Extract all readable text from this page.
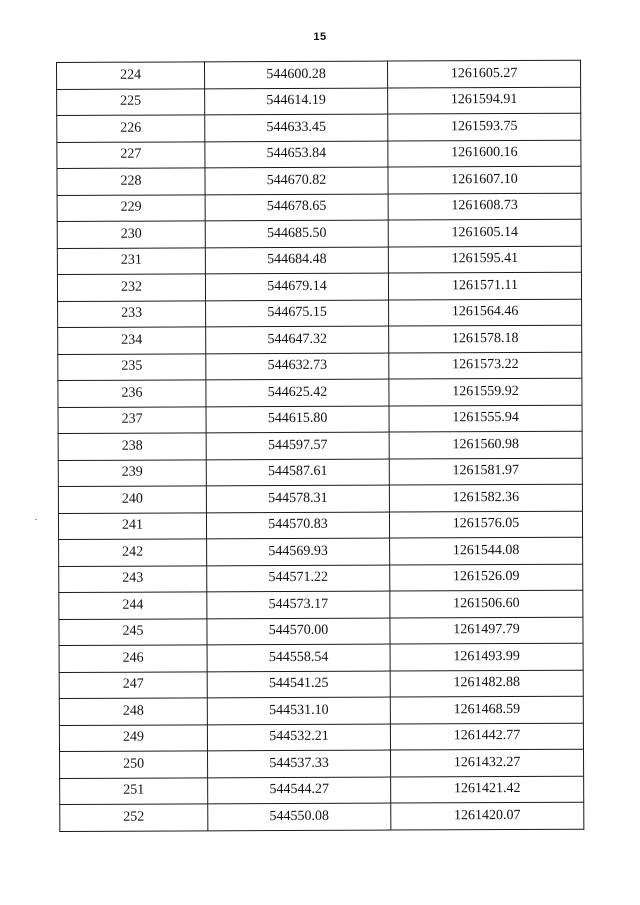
15
224	544600.28	1261605.27
225	544614.19	1261594.91
226	544633.45	1261593.75
227	544653.84	1261600.16
228	544670.82	1261607.10
229	544678.65	1261608.73
230	544685.50	1261605.14
231	544684.48	1261595.41
232	544679.14	1261571.11
233	544675.15	1261564.46
234	544647.32	1261578.18
235	544632.73	1261573.22
236	544625.42	1261559.92
237	544615.80	1261555.94
238	544597.57	1261560.98
239	544587.61	1261581.97
240	544578.31	1261582.36
241	544570.83	1261576.05
242	544569.93	1261544.08
243	544571.22	1261526.09
244	544573.17	1261506.60
245	544570.00	1261497.79
246	544558.54	1261493.99
247	544541.25	1261482.88
248	544531.10	1261468.59
249	544532.21	1261442.77
250	544537.33	1261432.27
251	544544.27	1261421.42
252	544550.08	1261420.07
